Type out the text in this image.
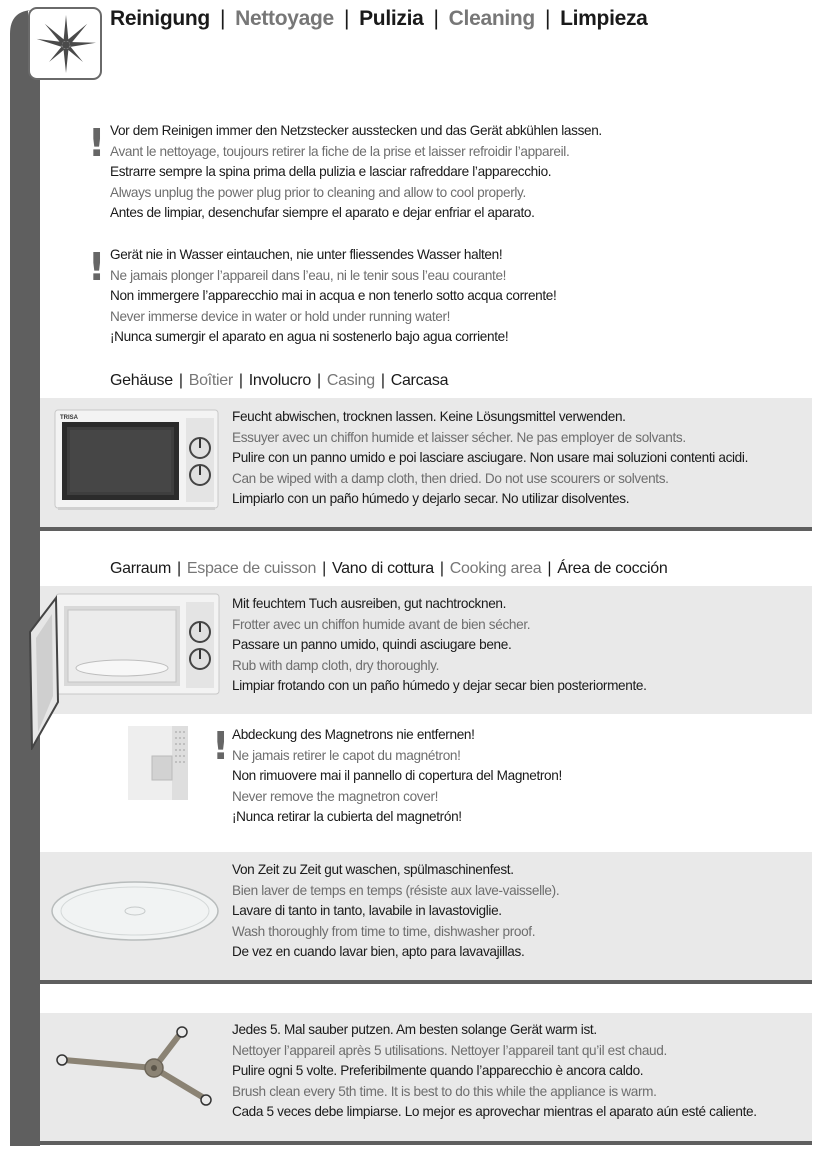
Reinigung | Nettoyage | Pulizia | Cleaning | Limpieza
! Vor dem Reinigen immer den Netzstecker ausstecken und das Gerät abkühlen lassen.
Avant le nettoyage, toujours retirer la fiche de la prise et laisser refroidir l’appareil.
Estrarre sempre la spina prima della pulizia e lasciar rafreddare l’apparecchio.
Always unplug the power plug prior to cleaning and allow to cool properly.
Antes de limpiar, desenchufar siempre el aparato e dejar enfriar el aparato.
! Gerät nie in Wasser eintauchen, nie unter fliessendes Wasser halten!
Ne jamais plonger l’appareil dans l’eau, ni le tenir sous l’eau courante!
Non immergere l’apparecchio mai in acqua e non tenerlo sotto acqua corrente!
Never immerse device in water or hold under running water!
¡Nunca sumergir el aparato en agua ni sostenerlo bajo agua corriente!
Gehäuse | Boîtier | Involucro | Casing | Carcasa
TRISA	Feucht abwischen, trocknen lassen. Keine Lösungsmittel verwenden.
Essuyer avec un chiffon humide et laisser sécher. Ne pas employer de solvants.
Pulire con un panno umido e poi lasciare asciugare. Non usare mai soluzioni contenti acidi.
Can be wiped with a damp cloth, then dried. Do not use scourers or solvents.
Limpiarlo con un paño húmedo y dejarlo secar. No utilizar disolventes.
Garraum | Espace de cuisson | Vano di cottura | Cooking area | Área de cocción
Mit feuchtem Tuch ausreiben, gut nachtrocknen.
Frotter avec un chiffon humide avant de bien sécher.
Passare un panno umido, quindi asciugare bene.
Rub with damp cloth, dry thoroughly.
Limpiar frotando con un paño húmedo y dejar secar bien posteriormente.
! Abdeckung des Magnetrons nie entfernen!
Ne jamais retirer le capot du magnétron!
Non rimuovere mai il pannello di copertura del Magnetron!
Never remove the magnetron cover!
¡Nunca retirar la cubierta del magnetrón!
Von Zeit zu Zeit gut waschen, spülmaschinenfest.
Bien laver de temps en temps (résiste aux lave-vaisselle).
Lavare di tanto in tanto, lavabile in lavastoviglie.
Wash thoroughly from time to time, dishwasher proof.
De vez en cuando lavar bien, apto para lavavajillas.
Jedes 5. Mal sauber putzen. Am besten solange Gerät warm ist.
Nettoyer l’appareil après 5 utilisations. Nettoyer l’appareil tant qu’il est chaud.
Pulire ogni 5 volte. Preferibilmente quando l’apparecchio è ancora caldo.
Brush clean every 5th time. It is best to do this while the appliance is warm.
Cada 5 veces debe limpiarse. Lo mejor es aprovechar mientras el aparato aún esté caliente.
